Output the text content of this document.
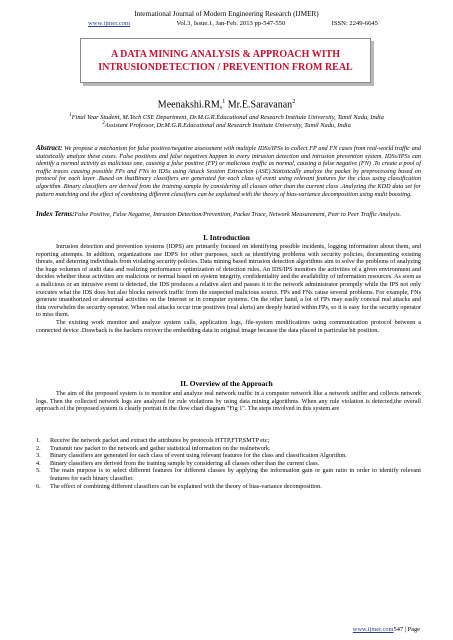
International Journal of Modern Engineering Research (IJMER)
www.ijmer.com	Vol.3, Issue.1, Jan-Feb. 2013 pp-547-550	ISSN: 2249-6645
A DATA MINING ANALYSIS & APPROACH WITH
INTRUSIONDETECTION / PREVENTION FROM REAL
Meenakshi.RM,$^1$ Mr.E.Saravanan$^2$
$^1$Final Year Student, M.Tech CSE Department, Dr.M.G.R.Educational and Research Institute University, Tamil Nadu, India
$^2$Assistant Professor, Dr.M.G.R.Educational and Research Institute University, Tamil Nadu, India

Abstract: We propose a mechanism for false positive/negative assessment with multiple IDSs/IPSs to collect FP and FN cases from real-world traffic and statistically analyze these cases. False positives and false negatives happen to every intrusion detection and intrusion prevention system. IDSs/IPSs can identify a normal activity as malicious one, causing a false positive (FP) or malicious traffic as normal, causing a false negative (FN) .To create a pool of traffic traces causing possible FPs and FNs to IDSs using Attack Session Extraction (ASE).Statistically analyze the packet by preprocessing based on protocol for each layer .Based on thatBinary classifiers are generated for each class of event using relevant features for the class using classification algorithm .Binary classifiers are derived from the training sample by considering all classes other than the current class .Analyzing the KDD data set for pattern matching and the effect of combining different classifiers can be explained with the theory of bias-variance decomposition using multi boosting.

Index Terms:False Positive, False Negative, Intrusion Detection/Prevention, Packet Trace, Network Measurement, Peer to Peer Traffic Analysis.

I. Introduction
Intrusion detection and prevention systems (IDPS) are primarily focused on identifying possible incidents, logging information about them, and reporting attempts. In addition, organizations use IDPS for other purposes, such as identifying problems with security policies, documenting existing threats, and deterring individuals from violating security policies. Data mining based intrusion detection algorithms aim to solve the problems of analyzing the huge volumes of audit data and realizing performance optimization of detection rules. An IDS/IPS monitors the activities of a given environment and decides whether these activities are malicious or normal based on system integrity, confidentiality and the availability of information resources. As soon as a malicious or an intrusive event is detected, the IDS produces a relative alert and passes it to the network administrator promptly while the IPS not only executes what the IDS does but also blocks network traffic from the suspected malicious source. FPs and FNs cause several problems. For example, FNs generate unauthorized or abnormal activities on the Internet or in computer systems. On the other hand, a lot of FPs may easily conceal real attacks and thus overwhelm the security operator. When real attacks occur true positives (real alerts) are deeply buried within FPs, so it is easy for the security operator to miss them.
The existing work monitor and analyze system calls, application logs, file-system modifications using communication protocol between a connected device .Drawback is the hackers recover the embedding data in original image because the data placed in particular bit position.
II. Overview of the Approach
The aim of the proposed system is to monitor and analyze real network traffic in a computer network like a network sniffer and collects network logs. Then the collected network logs are analyzed for rule violations by using data mining algorithms. When any rule violation is detected,the overall approach of the proposed system is clearly portrait in the flow chart diagram "Fig 1". The steps involved in this system are
1.	Receive the network packet and extract the attributes by protocols HTTP,FTP,SMTP etc;
2.	Transmit raw packet to the network and gather statistical information on the realnetwork.
3.	Binary classifiers are generated for each class of event using relevant features for the class and classification Algorithm.
4.	Binary classifiers are derived from the training sample by considering all classes other than the current class.
5.	The main purpose is to select different features for different classes by applying the information gain or gain ratio in order to identify relevant features for each binary classifier.
6.	The effect of combining different classifiers can be explained with the theory of bias-variance decomposition.
www.ijmer.com547 | Page
